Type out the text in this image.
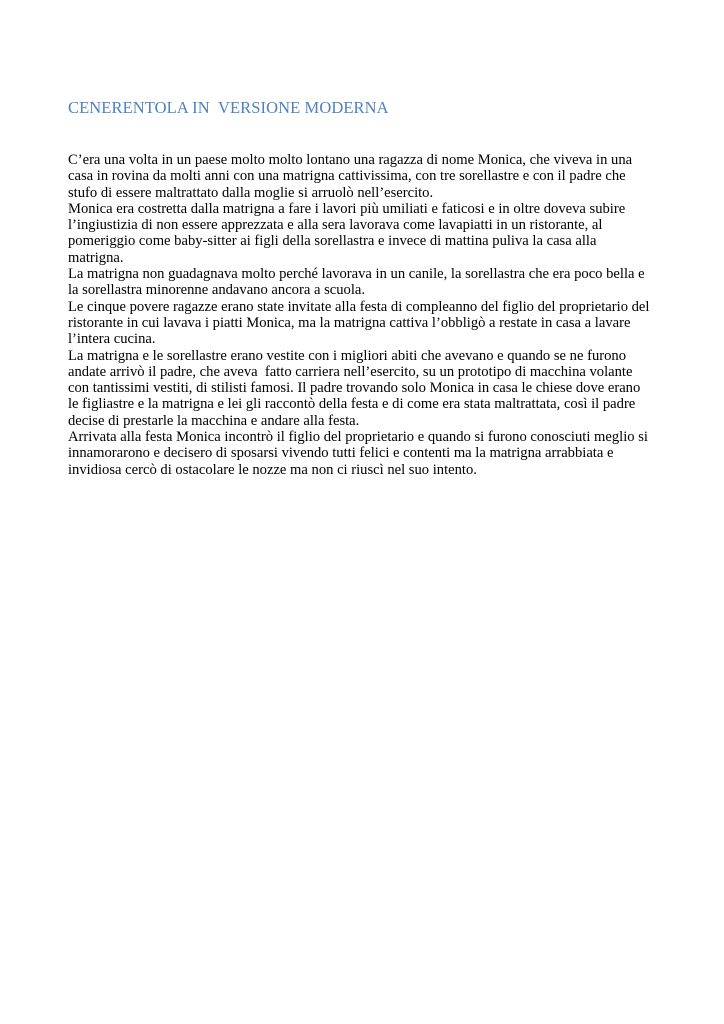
CENERENTOLA IN  VERSIONE MODERNA

C’era una volta in un paese molto molto lontano una ragazza di nome Monica, che viveva in una
casa in rovina da molti anni con una matrigna cattivissima, con tre sorellastre e con il padre che
stufo di essere maltrattato dalla moglie si arruolò nell’esercito.

Monica era costretta dalla matrigna a fare i lavori più umiliati e faticosi e in oltre doveva subire
l’ingiustizia di non essere apprezzata e alla sera lavorava come lavapiatti in un ristorante, al
pomeriggio come baby-sitter ai figli della sorellastra e invece di mattina puliva la casa alla
matrigna.

La matrigna non guadagnava molto perché lavorava in un canile, la sorellastra che era poco bella e
la sorellastra minorenne andavano ancora a scuola.

Le cinque povere ragazze erano state invitate alla festa di compleanno del figlio del proprietario del
ristorante in cui lavava i piatti Monica, ma la matrigna cattiva l’obbligò a restate in casa a lavare
l’intera cucina.

La matrigna e le sorellastre erano vestite con i migliori abiti che avevano e quando se ne furono
andate arrivò il padre, che aveva  fatto carriera nell’esercito, su un prototipo di macchina volante
con tantissimi vestiti, di stilisti famosi. Il padre trovando solo Monica in casa le chiese dove erano
le figliastre e la matrigna e lei gli raccontò della festa e di come era stata maltrattata, così il padre
decise di prestarle la macchina e andare alla festa.

Arrivata alla festa Monica incontrò il figlio del proprietario e quando si furono conosciuti meglio si
innamorarono e decisero di sposarsi vivendo tutti felici e contenti ma la matrigna arrabbiata e
invidiosa cercò di ostacolare le nozze ma non ci riuscì nel suo intento.
